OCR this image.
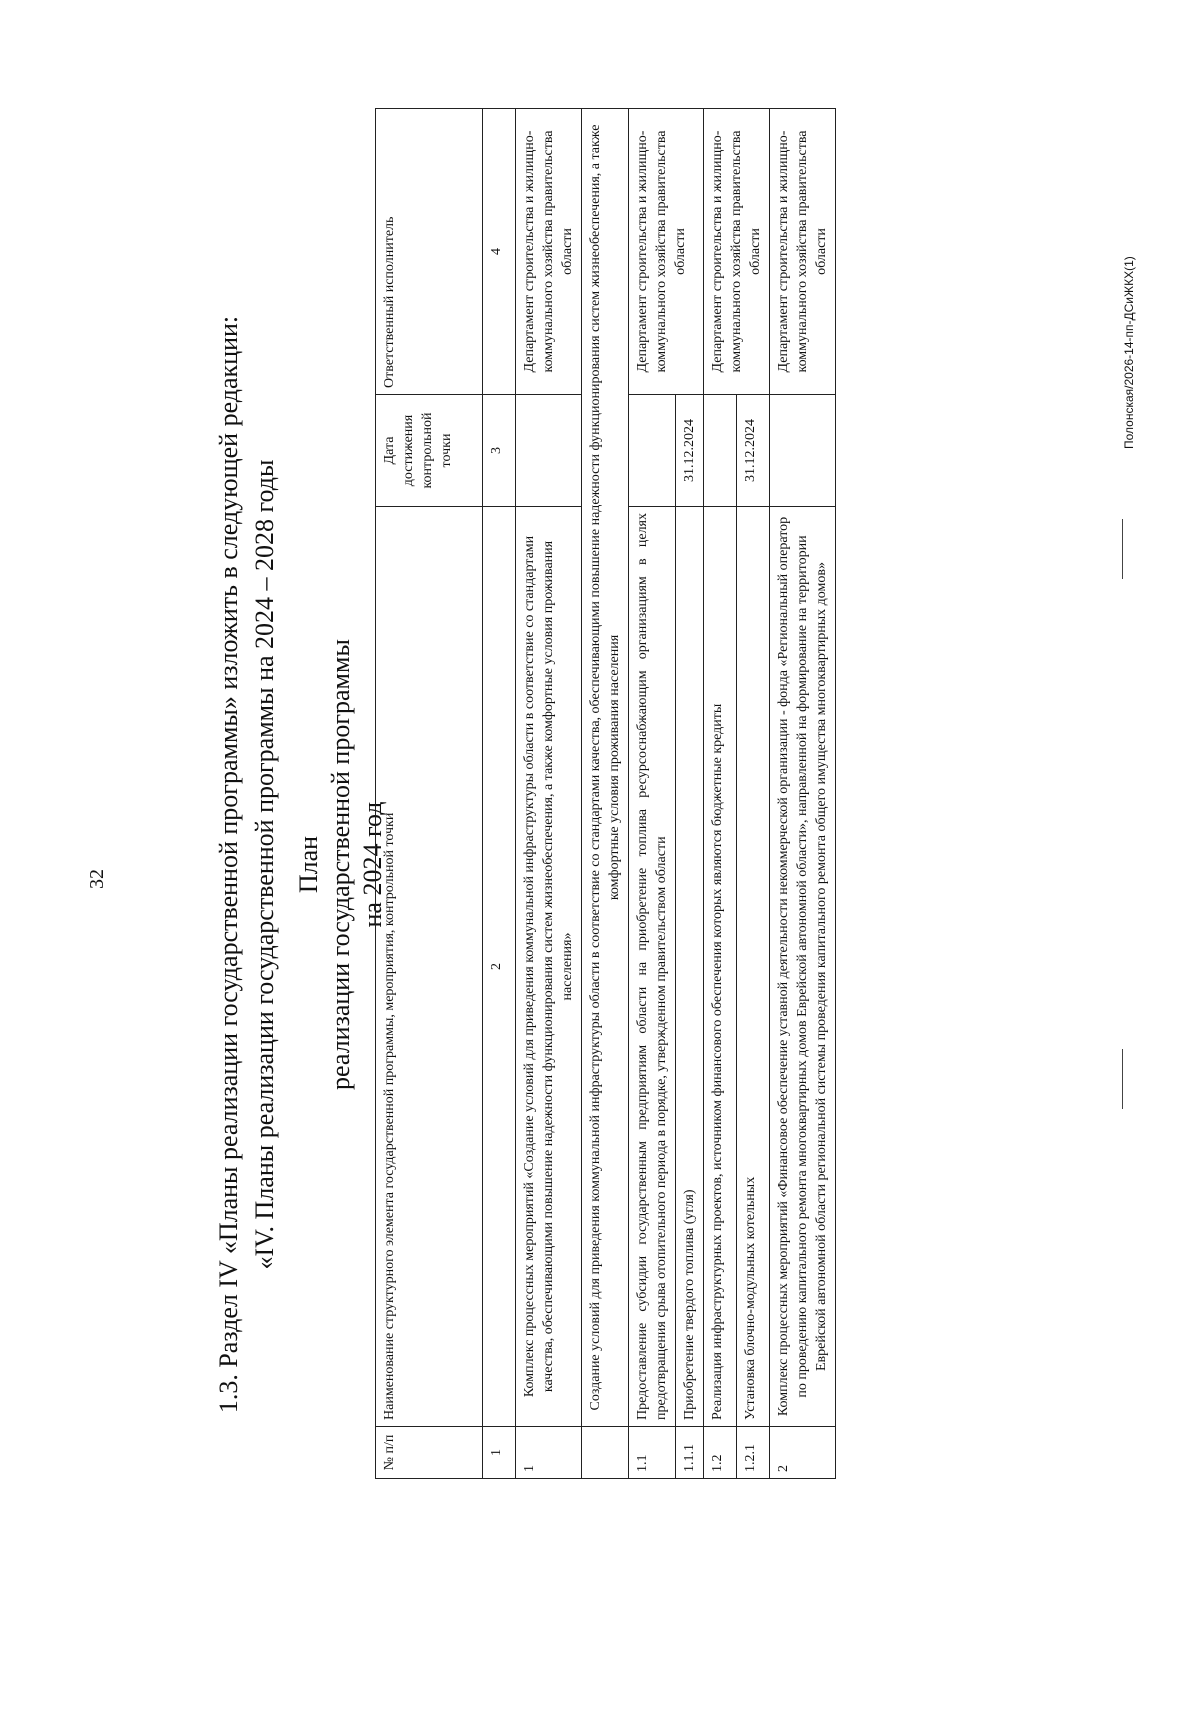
32	1.3. Раздел IV «Планы реализации государственной программы» изложить в следующей редакции: «IV. Планы реализации государственной программы на 2024 – 2028 годы План реализации государственной программы на 2024 год
№ п/п	Наименование структурного элемента государственной программы, мероприятия, контрольной точки	Дата достижения контрольной точки	Ответственный исполнитель
1	2	3	4
1	Комплекс процессных мероприятий «Создание условий для приведения коммунальной инфраструктуры области в соответствие со стандартами качества, обеспечивающими повышение надежности функционирования систем жизнеобеспечения, а также комфортные условия проживания населения»		Департамент строительства и жилищно-коммунального хозяйства правительства области
	Создание условий для приведения коммунальной инфраструктуры области в соответствие со стандартами качества, обеспечивающими повышение надежности функционирования систем жизнеобеспечения, а также комфортные условия проживания населения		
1.1	Предоставление субсидии государственным предприятиям области на приобретение топлива ресурсоснабжающим организациям в целях предотвращения срыва отопительного периода в порядке, утвержденном правительством области		Департамент строительства и жилищно-коммунального хозяйства правительства области
1.1.1	Приобретение твердого топлива (угля)	31.12.2024	
1.2	Реализация инфраструктурных проектов, источником финансового обеспечения которых являются бюджетные кредиты		Департамент строительства и жилищно-коммунального хозяйства правительства области
1.2.1	Установка блочно-модульных котельных	31.12.2024	
2	Комплекс процессных мероприятий «Финансовое обеспечение уставной деятельности некоммерческой организации - фонда «Региональный оператор по проведению капитального ремонта многоквартирных домов Еврейской автономной области», направленной на формирование на территории Еврейской автономной области региональной системы проведения капитального ремонта общего имущества многоквартирных домов»		Департамент строительства и жилищно-коммунального хозяйства правительства области
Полонская/2026-14-пп-ДСиЖКХ(1)
